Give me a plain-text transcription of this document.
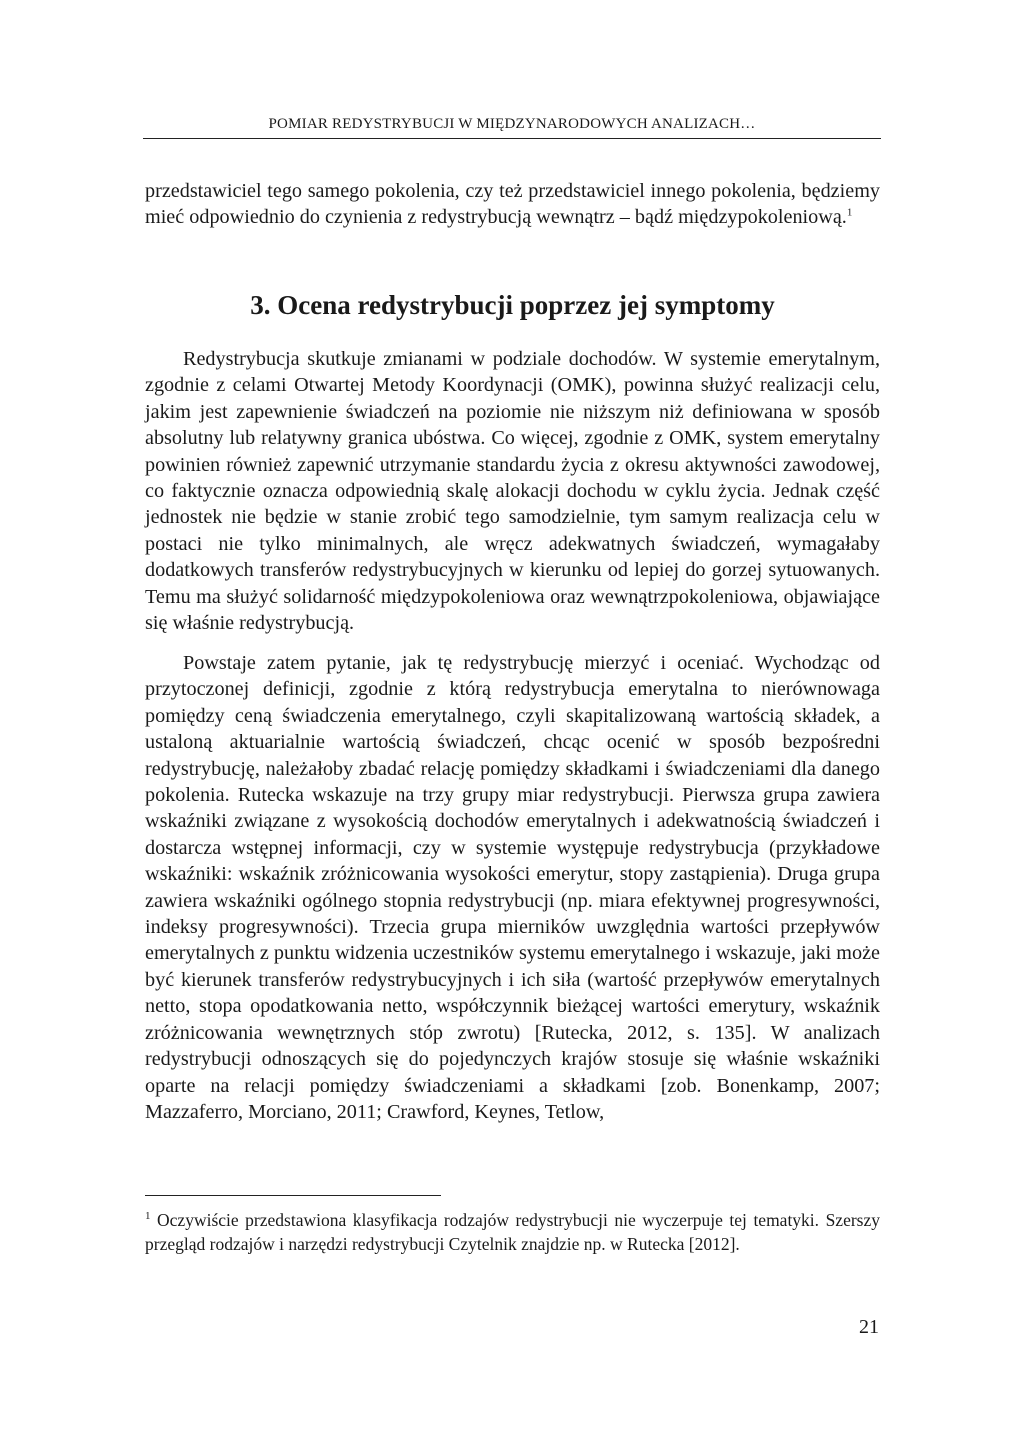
POMIAR REDYSTRYBUCJI W MIĘDZYNARODOWYCH ANALIZACH…

przedstawiciel tego samego pokolenia, czy też przedstawiciel innego pokolenia, będziemy mieć odpowiednio do czynienia z redystrybucją wewnątrz – bądź międzypokoleniową.$^1$

3. Ocena redystrybucji poprzez jej symptomy

Redystrybucja skutkuje zmianami w podziale dochodów. W systemie emerytalnym, zgodnie z celami Otwartej Metody Koordynacji (OMK), powinna służyć realizacji celu, jakim jest zapewnienie świadczeń na poziomie nie niższym niż definiowana w sposób absolutny lub relatywny granica ubóstwa. Co więcej, zgodnie z OMK, system emerytalny powinien również zapewnić utrzymanie standardu życia z okresu aktywności zawodowej, co faktycznie oznacza odpowiednią skalę alokacji dochodu w cyklu życia. Jednak część jednostek nie będzie w stanie zrobić tego samodzielnie, tym samym realizacja celu w postaci nie tylko minimalnych, ale wręcz adekwatnych świadczeń, wymagałaby dodatkowych transferów redystrybucyjnych w kierunku od lepiej do gorzej sytuowanych. Temu ma służyć solidarność międzypokoleniowa oraz wewnątrzpokoleniowa, objawiające się właśnie redystrybucją.

Powstaje zatem pytanie, jak tę redystrybucję mierzyć i oceniać. Wychodząc od przytoczonej definicji, zgodnie z którą redystrybucja emerytalna to nierównowaga pomiędzy ceną świadczenia emerytalnego, czyli skapitalizowaną wartością składek, a ustaloną aktuarialnie wartością świadczeń, chcąc ocenić w sposób bezpośredni redystrybucję, należałoby zbadać relację pomiędzy składkami i świadczeniami dla danego pokolenia. Rutecka wskazuje na trzy grupy miar redystrybucji. Pierwsza grupa zawiera wskaźniki związane z wysokością dochodów emerytalnych i adekwatnością świadczeń i dostarcza wstępnej informacji, czy w systemie występuje redystrybucja (przykładowe wskaźniki: wskaźnik zróżnicowania wysokości emerytur, stopy zastąpienia). Druga grupa zawiera wskaźniki ogólnego stopnia redystrybucji (np. miara efektywnej progresywności, indeksy progresywności). Trzecia grupa mierników uwzględnia wartości przepływów emerytalnych z punktu widzenia uczestników systemu emerytalnego i wskazuje, jaki może być kierunek transferów redystrybucyjnych i ich siła (wartość przepływów emerytalnych netto, stopa opodatkowania netto, współczynnik bieżącej wartości emerytury, wskaźnik zróżnicowania wewnętrznych stóp zwrotu) [Rutecka, 2012, s. 135]. W analizach redystrybucji odnoszących się do pojedynczych krajów stosuje się właśnie wskaźniki oparte na relacji pomiędzy świadczeniami a składkami [zob. Bonenkamp, 2007; Mazzaferro, Morciano, 2011; Crawford, Keynes, Tetlow,

$^1$ Oczywiście przedstawiona klasyfikacja rodzajów redystrybucji nie wyczerpuje tej tematyki. Szerszy przegląd rodzajów i narzędzi redystrybucji Czytelnik znajdzie np. w Rutecka [2012].

21
